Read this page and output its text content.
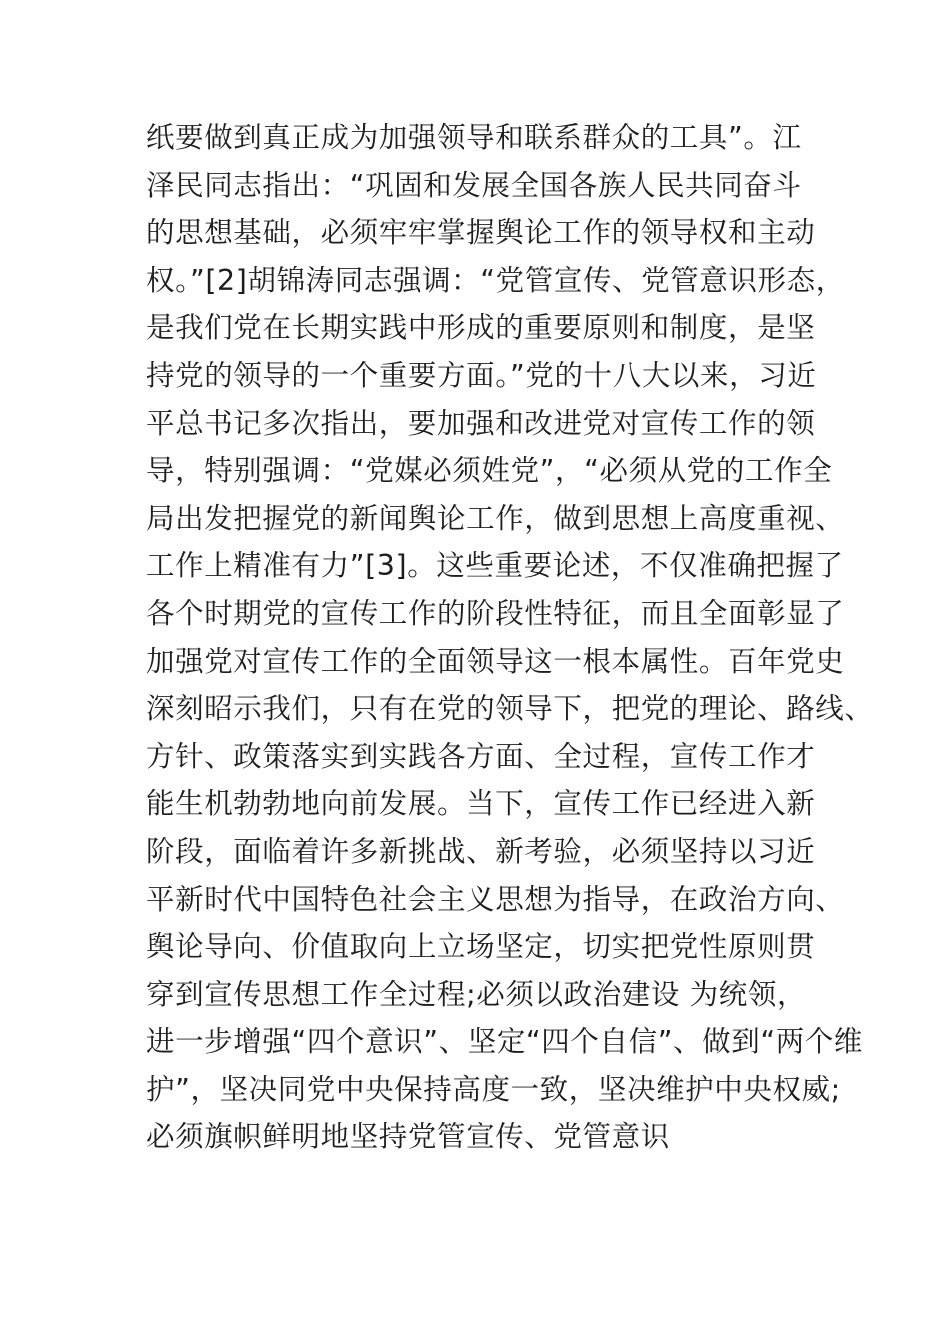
纸要做到真正成为加强领导和联系群众的工具”。江
泽民同志指出：“巩固和发展全国各族人民共同奋斗
的思想基础，必须牢牢掌握舆论工作的领导权和主动
权。”[2]胡锦涛同志强调：“党管宣传、党管意识形态，
是我们党在长期实践中形成的重要原则和制度，是坚
持党的领导的一个重要方面。”党的十八大以来，习近
平总书记多次指出，要加强和改进党对宣传工作的领
导，特别强调：“党媒必须姓党”，“必须从党的工作全
局出发把握党的新闻舆论工作，做到思想上高度重视、
工作上精准有力”[3]。这些重要论述，不仅准确把握了
各个时期党的宣传工作的阶段性特征，而且全面彰显了
加强党对宣传工作的全面领导这一根本属性。百年党史
深刻昭示我们，只有在党的领导下，把党的理论、路线、
方针、政策落实到实践各方面、全过程，宣传工作才
能生机勃勃地向前发展。当下，宣传工作已经进入新
阶段，面临着许多新挑战、新考验，必须坚持以习近
平新时代中国特色社会主义思想为指导，在政治方向、
舆论导向、价值取向上立场坚定，切实把党性原则贯
穿到宣传思想工作全过程;必须以政治建设 为统领，
进一步增强“四个意识”、坚定“四个自信”、做到“两个维
护”，坚决同党中央保持高度一致，坚决维护中央权威;
必须旗帜鲜明地坚持党管宣传、党管意识
